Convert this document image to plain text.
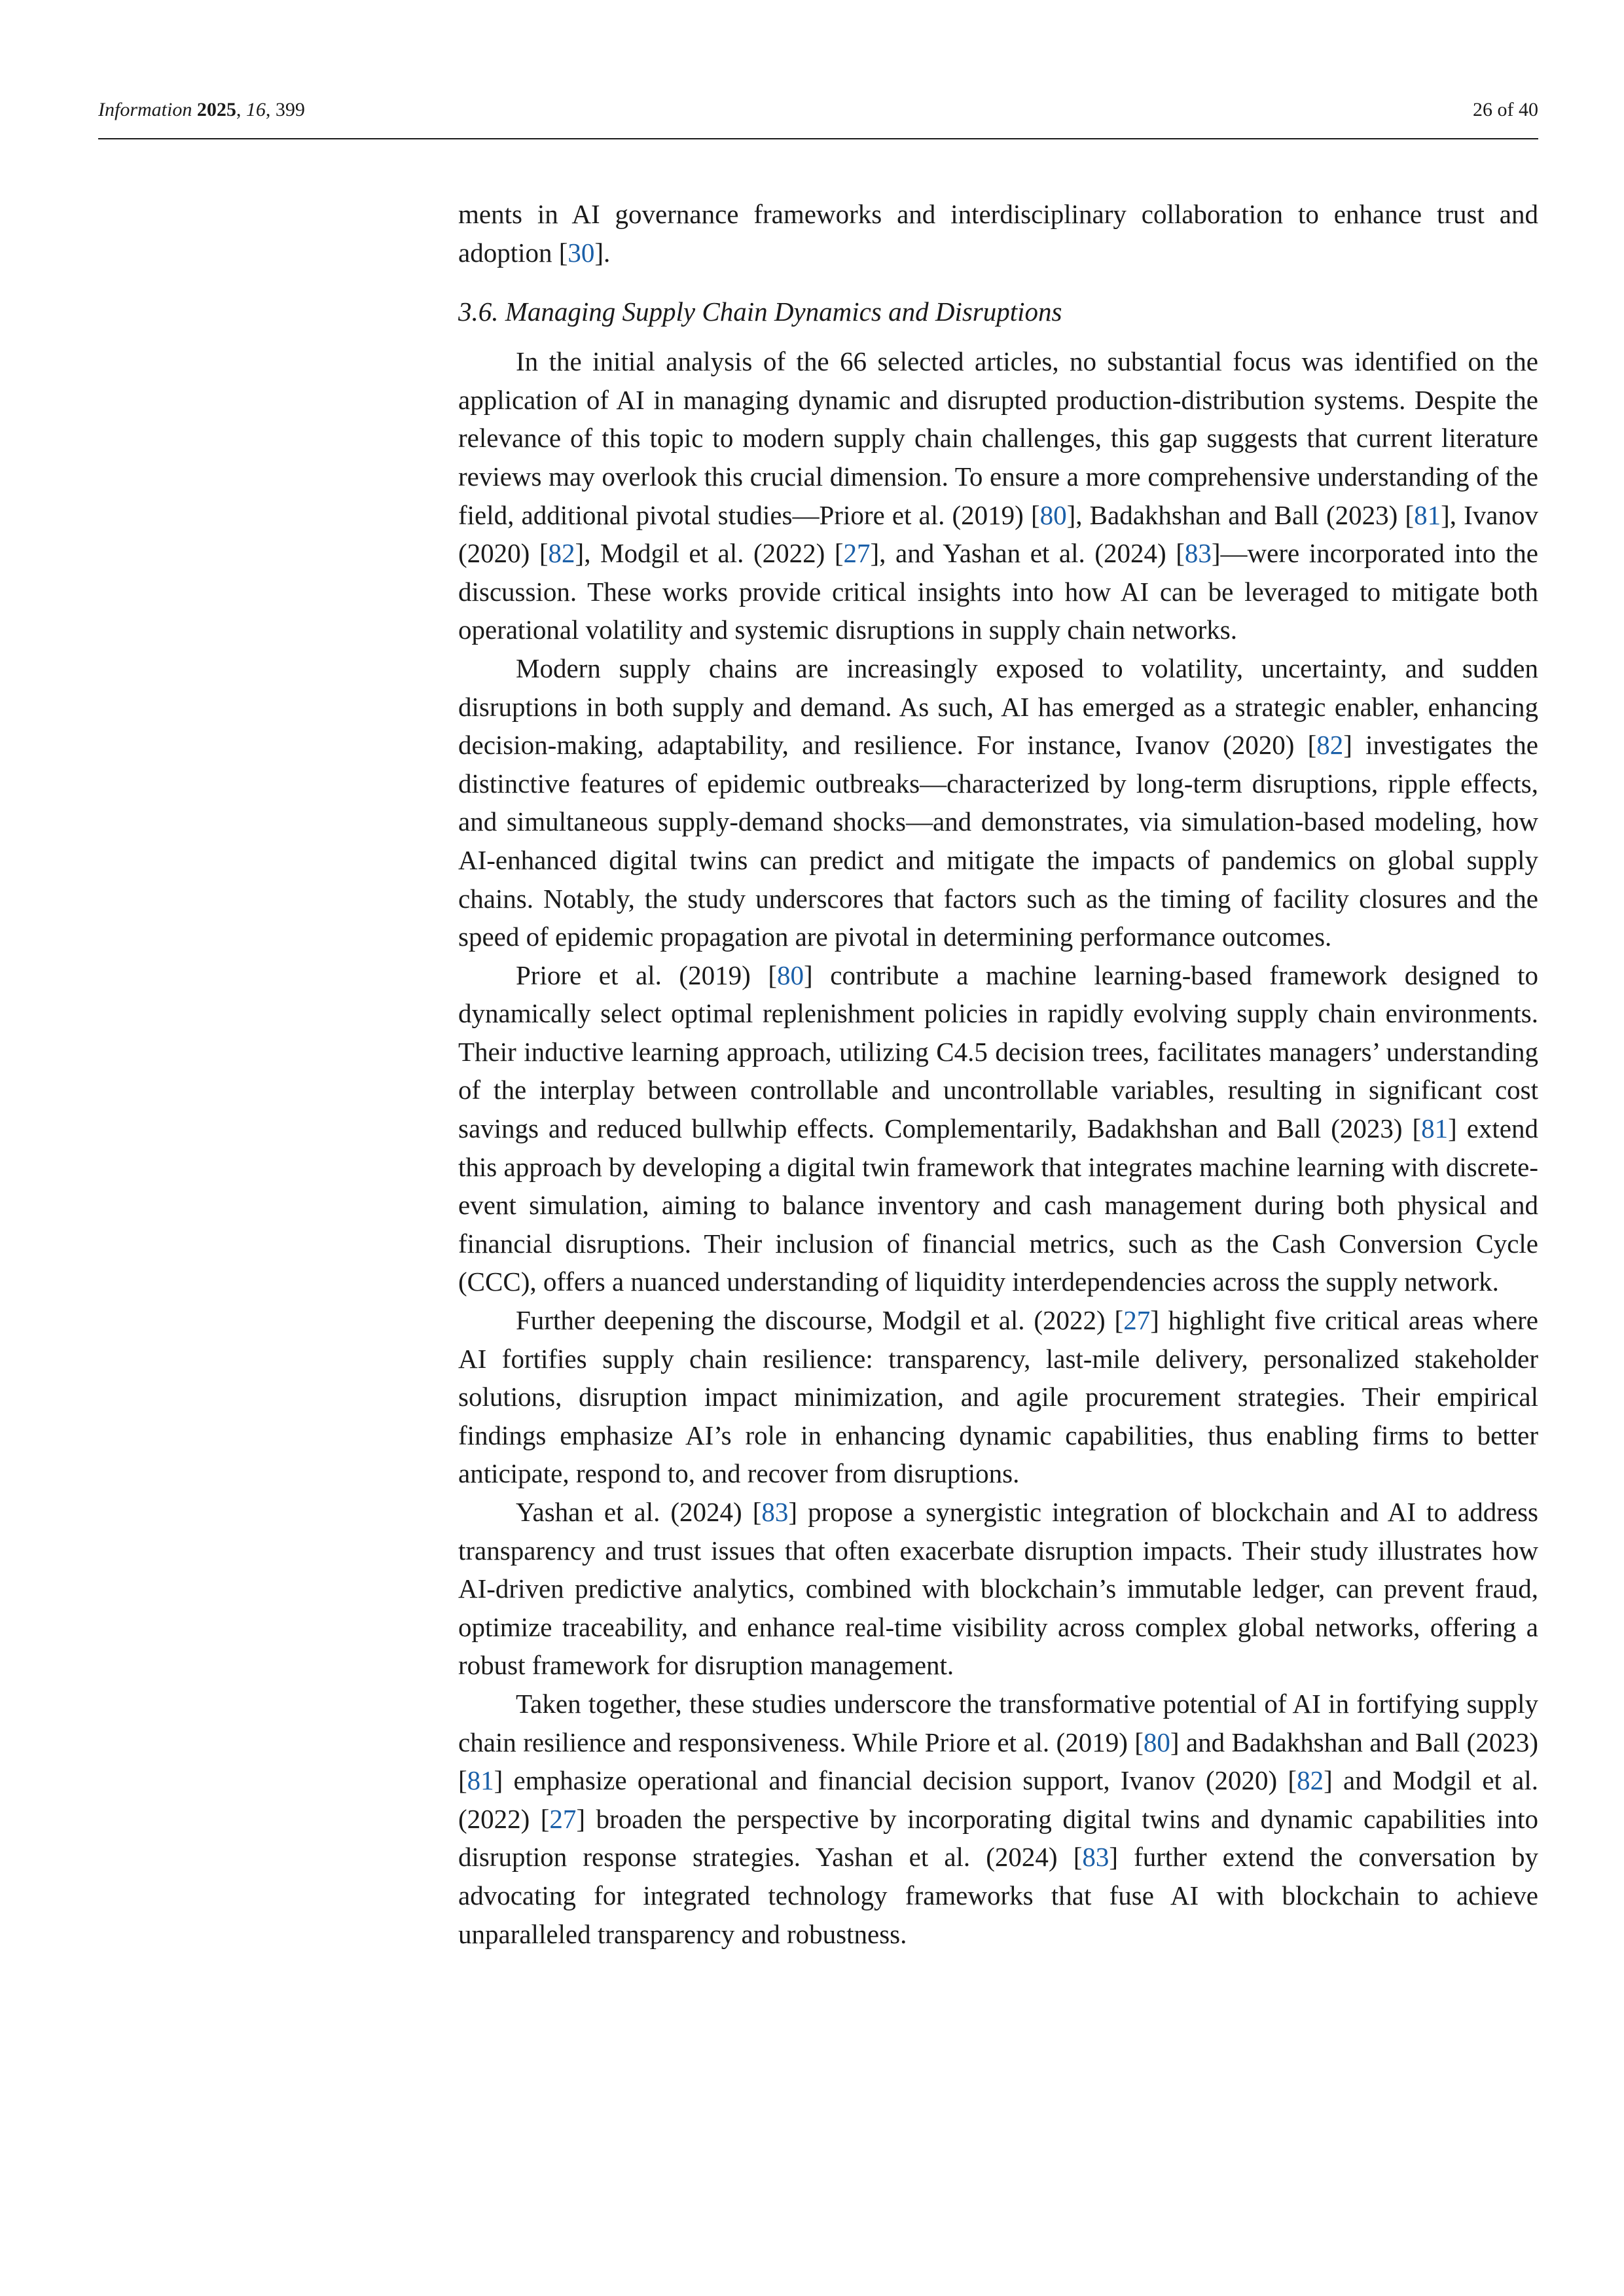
Information 2025, 16, 399	26 of 40

ments in AI governance frameworks and interdisciplinary collaboration to enhance trust and adoption [30].

3.6. Managing Supply Chain Dynamics and Disruptions

In the initial analysis of the 66 selected articles, no substantial focus was identified on the application of AI in managing dynamic and disrupted production-distribution systems. Despite the relevance of this topic to modern supply chain challenges, this gap suggests that current literature reviews may overlook this crucial dimension. To ensure a more comprehensive understanding of the field, additional pivotal studies—Priore et al. (2019) [80], Badakhshan and Ball (2023) [81], Ivanov (2020) [82], Modgil et al. (2022) [27], and Yashan et al. (2024) [83]—were incorporated into the discussion. These works provide critical insights into how AI can be leveraged to mitigate both operational volatility and systemic disruptions in supply chain networks.

Modern supply chains are increasingly exposed to volatility, uncertainty, and sudden disruptions in both supply and demand. As such, AI has emerged as a strategic enabler, enhancing decision-making, adaptability, and resilience. For instance, Ivanov (2020) [82] investigates the distinctive features of epidemic outbreaks—characterized by long-term disruptions, ripple effects, and simultaneous supply-demand shocks—and demonstrates, via simulation-based modeling, how AI-enhanced digital twins can predict and mitigate the impacts of pandemics on global supply chains. Notably, the study underscores that factors such as the timing of facility closures and the speed of epidemic propagation are pivotal in determining performance outcomes.

Priore et al. (2019) [80] contribute a machine learning-based framework designed to dynamically select optimal replenishment policies in rapidly evolving supply chain environments. Their inductive learning approach, utilizing C4.5 decision trees, facilitates managers’ understanding of the interplay between controllable and uncontrollable variables, resulting in significant cost savings and reduced bullwhip effects. Complementarily, Badakhshan and Ball (2023) [81] extend this approach by developing a digital twin framework that integrates machine learning with discrete-event simulation, aiming to balance inventory and cash management during both physical and financial disruptions. Their inclusion of financial metrics, such as the Cash Conversion Cycle (CCC), offers a nuanced understanding of liquidity interdependencies across the supply network.

Further deepening the discourse, Modgil et al. (2022) [27] highlight five critical areas where AI fortifies supply chain resilience: transparency, last-mile delivery, personalized stakeholder solutions, disruption impact minimization, and agile procurement strategies. Their empirical findings emphasize AI’s role in enhancing dynamic capabilities, thus enabling firms to better anticipate, respond to, and recover from disruptions.

Yashan et al. (2024) [83] propose a synergistic integration of blockchain and AI to address transparency and trust issues that often exacerbate disruption impacts. Their study illustrates how AI-driven predictive analytics, combined with blockchain’s immutable ledger, can prevent fraud, optimize traceability, and enhance real-time visibility across complex global networks, offering a robust framework for disruption management.

Taken together, these studies underscore the transformative potential of AI in fortifying supply chain resilience and responsiveness. While Priore et al. (2019) [80] and Badakhshan and Ball (2023) [81] emphasize operational and financial decision support, Ivanov (2020) [82] and Modgil et al. (2022) [27] broaden the perspective by incorporating digital twins and dynamic capabilities into disruption response strategies. Yashan et al. (2024) [83] further extend the conversation by advocating for integrated technology frameworks that fuse AI with blockchain to achieve unparalleled transparency and robustness.
